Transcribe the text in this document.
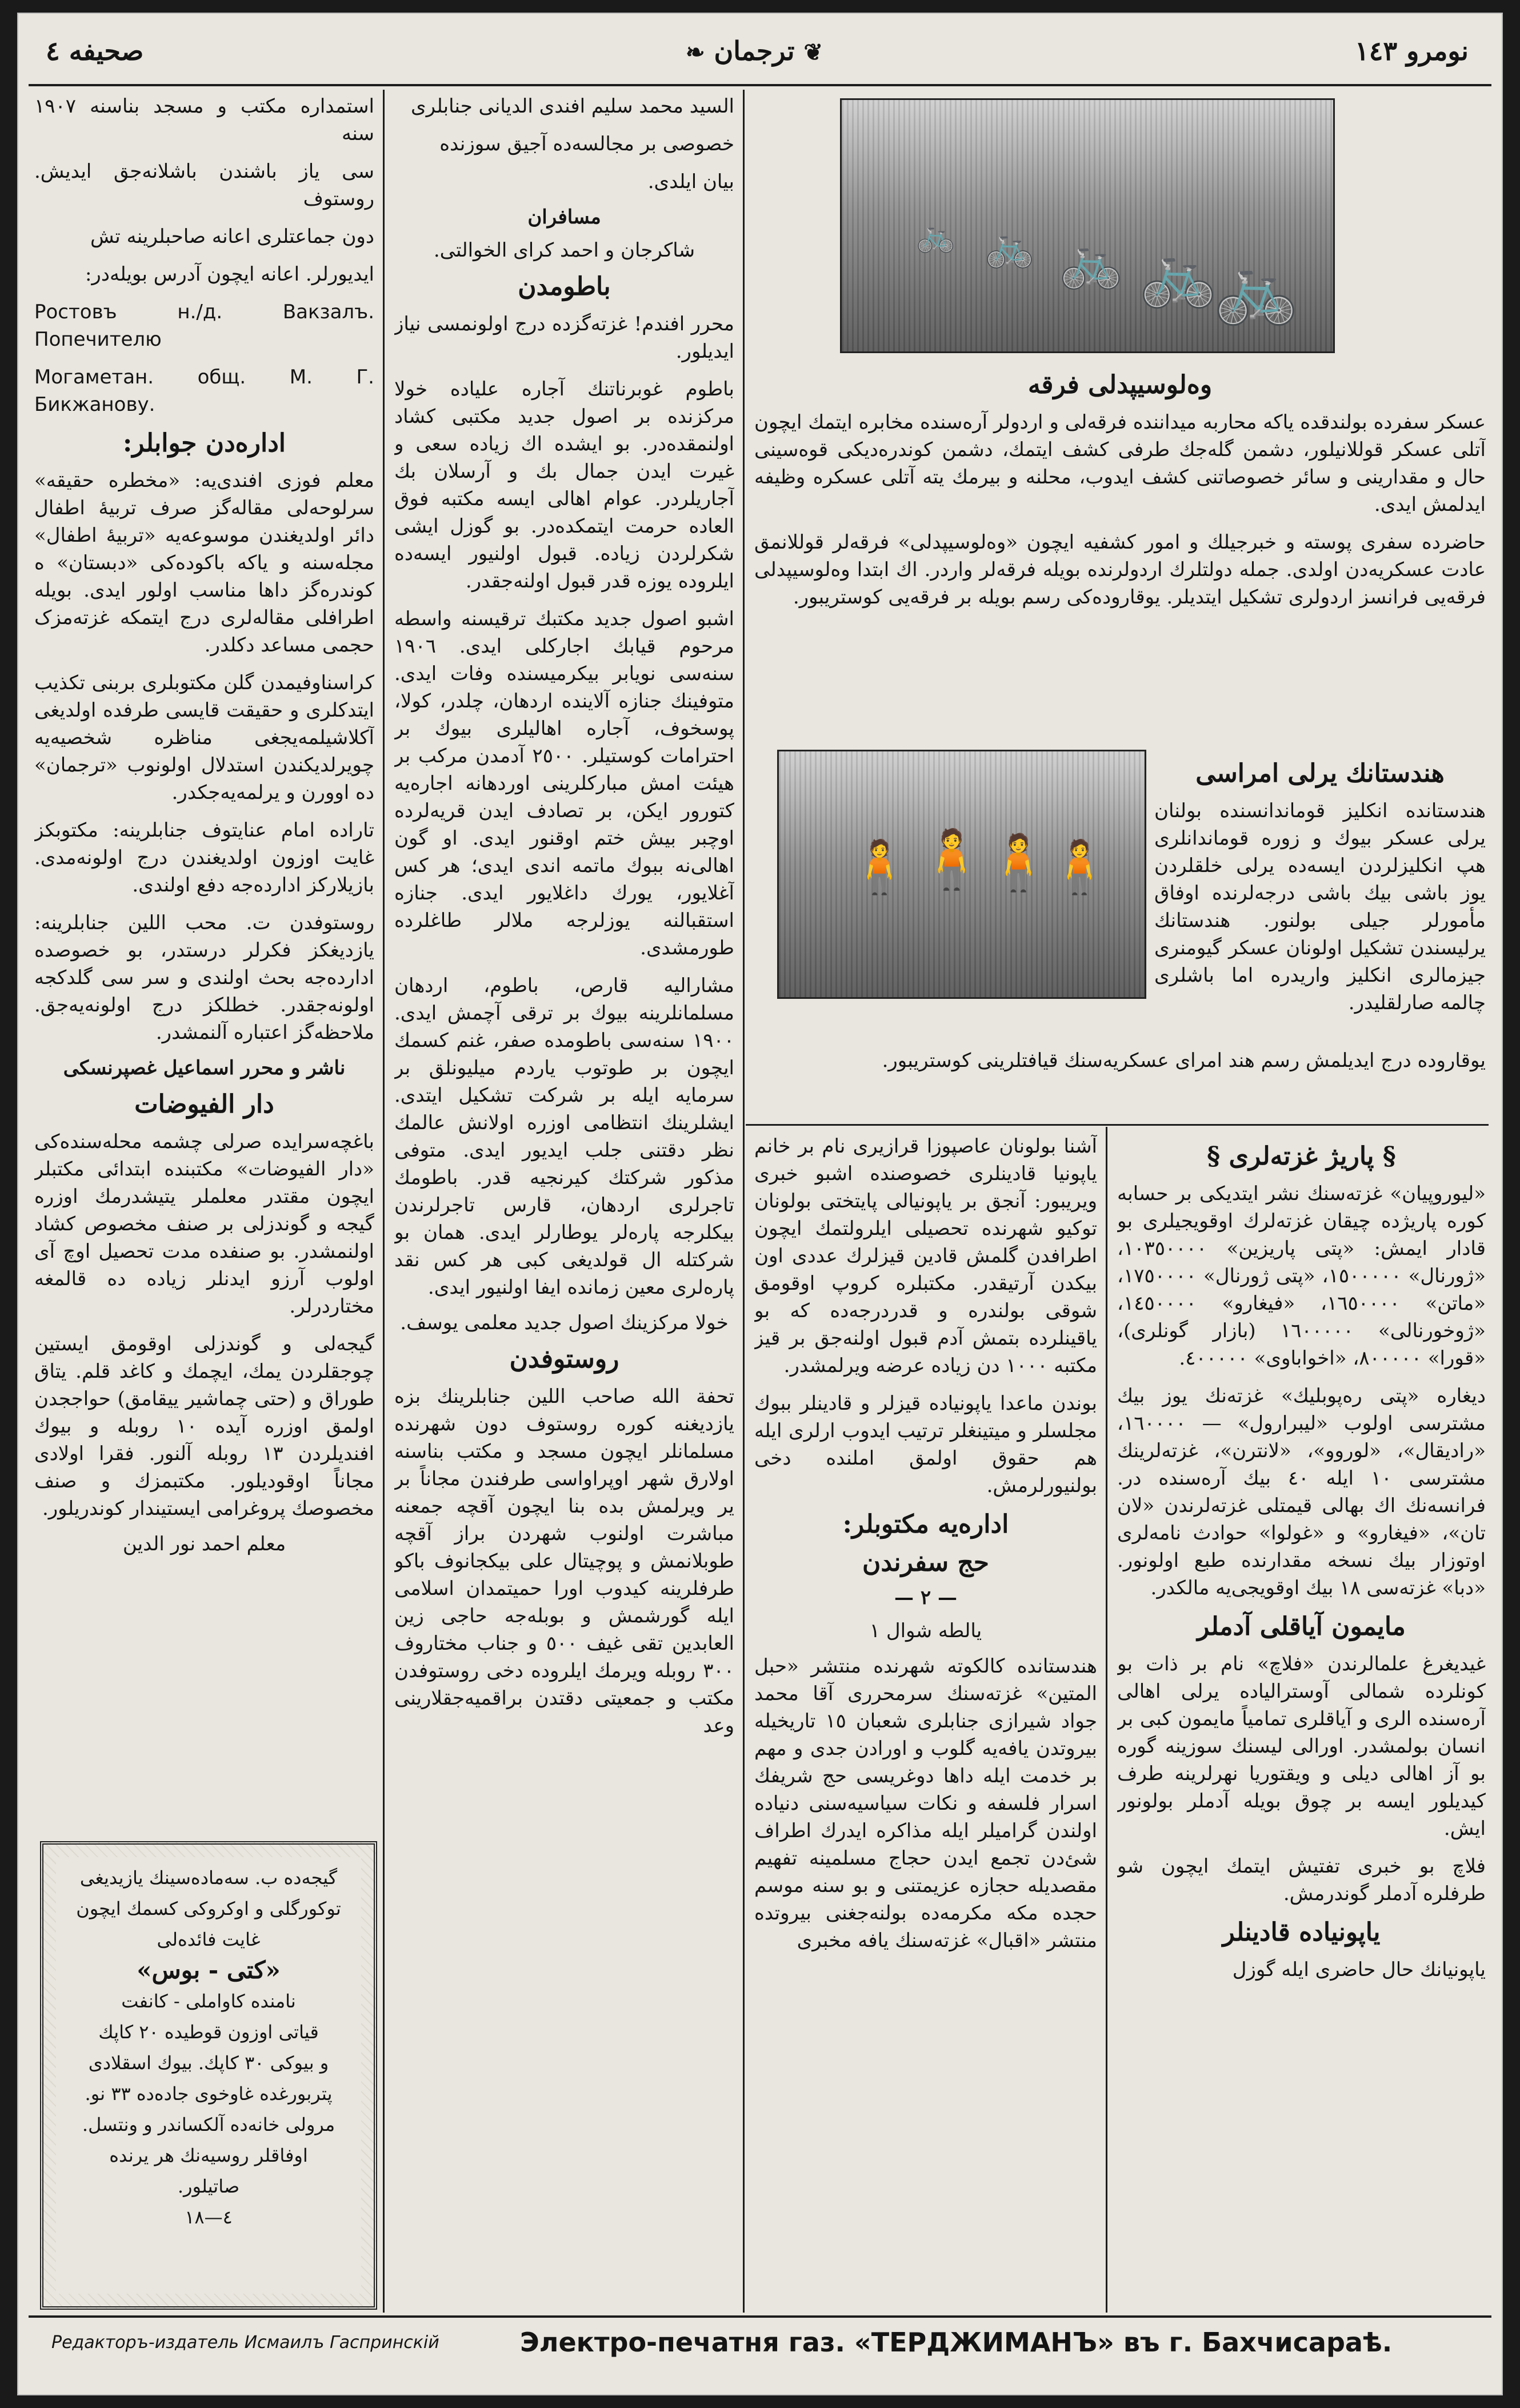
صحیفه ٤	❦ ترجمان ❧	نومرو ١٤٣

استمداره مکتب و مسجد بناسنه ١٩٠٧ سنه

سی یاز باشندن باشلانه‌جق ایدیش. روستوف

دون جماعتلری اعانه صاحبلرینه تش

ایدیورلر. اعانه ایچون آدرس بویله‌در:

Ростовъ н./д. Вакзалъ. Попечителю

Могаметан. общ. М. Г. Бикжанову.

اداره‌دن جوابلر:

معلم فوزی افندی‌یه: «مخطره حقیقه» سرلوحه‌لی مقاله‌گز صرف تربیهٔ اطفال دائر اولدیغندن موسوعه‌یه «تربیهٔ اطفال» مجله‌سنه و یاکه باکوده‌کی «دبستان» ه کوندره‌گز داها مناسب اولور ایدی. بویله اطرافلی مقاله‌لری درج ایتمکه غزته‌مزک حجمی مساعد دکلدر.

کراسناوفیمدن گلن مکتوبلری بربنی تکذیب ایتدکلری و حقیقت قایسی طرفده اولدیغی آکلاشیلمه‌یجغی مناظره شخصیه‌یه چویرلدیکندن استدلال اولونوب «ترجمان» ده اوورن و یرلمه‌یه‌جکدر.

تاراده امام عنایتوف جنابلرینه: مکتوبکز غایت اوزون اولدیغندن درج اولونه‌مدی. بازیلارکز ادارده‌جه دفع اولندی.

روستوفدن ت. محب اللین جنابلرینه: یازدیغکز فکرلر درستدر، بو خصوصده ادارده‌جه بحث اولندی و سر سی گلدکجه اولونه‌جقدر. خطلکز درج اولونه‌یه‌جق. ملاحظه‌گز اعتباره آلنمشدر.

ناشر و محرر اسماعیل غصپرنسکی
دار الفیوضات

باغچه‌سرایده صرلی چشمه محله‌سنده‌کی «دار الفیوضات» مکتبنده ابتدائی مکتبلر ایچون مقتدر معلملر یتیشدرمك اوزره گیجه و گوندزلی بر صنف مخصوص کشاد اولنمشدر. بو صنفده مدت تحصیل اوچ آی اولوب آرزو ایدنلر زیاده ده قالمغه مختاردرلر.

گیجه‌لی و گوندزلی اوقومق ایستین چوجقلردن یمك، ایچمك و کاغد قلم. یتاق طوراق و (حتی چماشیر ییقامق) حواججدن اولمق اوزره آیده ١٠ روبله و بیوك افندیلردن ١٣ روبله آلنور. فقرا اولادی مجاناً اوقودیلور. مکتبمزك و صنف مخصوصك پروغرامی ایستیندار کوندریلور.

معلم احمد نور الدین

گیجه‌ده ب. سه‌ماده‌سینك یازیدیغی

توکورگلی و اوکروکی کسمك ایچون

غایت فائده‌لی

«کتی - بوس»

نامنده کاواملی - کانفت

قیاتی اوزون قوطیده ٢٠ کاپك

و بیوکی ٣٠ کاپك. بیوك اسقلادی

پتربورغده غاوخوی جاده‌ده ٣٣ نو.

مرولی خانه‌ده آلکساندر و ونتسل.

اوفاقلر روسیه‌نك هر یرنده

صاتیلور.

٤—١٨

السید محمد سلیم افندی الدیانی جنابلری

خصوصی بر مجالسه‌ده آجیق سوزنده

بیان ایلدی.

مسافران
شاکرجان و احمد کرای الخوالتی.
باطومدن

محرر افندم! غزته‌گزده درج اولونمسی نیاز ایدیلور.

باطوم غوبرناتنك آجاره علیاده خولا مرکزنده بر اصول جدید مکتبی کشاد اولنمقده‌در. بو ایشده اك زیاده سعی و غیرت ایدن جمال بك و آرسلان بك آجاریلردر. عوام اهالی ایسه مکتبه فوق العاده حرمت ایتمکده‌در. بو گوزل ایشی شکرلردن زیاده. قبول اولنیور ایسه‌ده ایلروده یوزه قدر قبول اولنه‌جقدر.

اشبو اصول جدید مکتبك ترقیسنه واسطه مرحوم قیابك اجارکلی ایدی. ١٩٠٦ سنه‌سی نویابر بیکرمیسنده وفات ایدی. متوفینك جنازه آلاینده اردهان، چلدر، کولا، پوسخوف، آجاره اهالیلری بیوك بر احترامات کوستیلر. ٢٥٠٠ آدمدن مرکب بر هیئت امش مبارکلرینی اوردهانه اجاره‌یه کتورور ایکن، بر تصادف ایدن قریه‌لرده اوچبر بیش ختم اوقنور ایدی. او گون اهالی‌نه ببوك ماتمه اندی ایدی؛ هر کس آغلایور، یورك داغلایور ایدی. جنازه استقبالنه یوزلرجه ملالر طاغلرده طورمشدی.

مشارالیه قارص، باطوم، اردهان مسلمانلرینه بیوك بر ترقی آچمش ایدی. ١٩٠٠ سنه‌سی باطومده صفر، غنم کسمك ایچون بر طوتوب یاردم میلیونلق بر سرمایه ایله بر شرکت تشکیل ایتدی. ایشلرینك انتظامی اوزره اولانش عالمك نظر دقتنی جلب ایدیور ایدی. متوفی مذکور شرکتك کیرنجیه قدر. باطومك تاجرلری اردهان، قارس تاجرلرندن بیکلرجه پارەلر یوطارلر ایدی. همان بو شرکتله ال قولدیغی کبی هر کس نقد پاره‌لری معین زمانده ایفا اولنیور ایدی.

خولا مرکزینك اصول جدید معلمی یوسف.
روستوفدن

تحفة الله صاحب اللین جنابلرینك بزه یازدیغنه کوره روستوف دون شهرنده مسلمانلر ایچون مسجد و مکتب بناسنه اولارق شهر اوپراواسی طرفندن مجاناً بر یر ویرلمش بده بنا ایچون آقچه جمعنه مباشرت اولنوب شهردن براز آقچه طوبلانمش و پوچیتال علی بیکجانوف باکو طرفلرینه کیدوب اورا حمیتمدان اسلامی ایله گورشمش و بوبله‌جه حاجی زین العابدین تقی غیف ٥٠٠ و جناب مختاروف ٣٠٠ روبله ویرمك ایلروده دخی روستوفدن مکتب و جمعیتی دقتدن براقمیه‌جقلارینی وعد

🚲
🚲
🚲
🚲
🚲
وەلوسیپدلی فرقه

عسکر سفرده بولندقده یاکه محاربه میداننده فرقه‌لی و اردولر آره‌سنده مخابره ایتمك ایچون آتلی عسکر قوللانیلور، دشمن گلەجك طرفی کشف ایتمك، دشمن کوندره‌دیکی قوه‌سینی حال و مقدارینی و سائر خصوصاتنی کشف ایدوب، محلنه و بیرمك یته آتلی عسکره وظیفه ایدلمش ایدی.

حاضرده سفری پوسته و خبرجیلك و امور کشفیه ایچون «وەلوسیپدلی» فرقه‌لر قوللانمق عادت عسکریه‌دن اولدی. جمله دولتلرك اردولرنده بویله فرقه‌لر واردر. اك ابتدا وەلوسیپدلی فرقه‌یی فرانسز اردولری تشکیل ایتدیلر. یوقاروده‌کی رسم بویله بر فرقه‌یی کوستریبور.

🧍 🧍
🧍
🧍
هندستانك یرلی امراسی

هندستانده انکلیز قوماندانسنده بولنان یرلی عسکر بیوك و زوره قوماندانلری هپ انکلیزلردن ایسه‌ده یرلی خلقلردن یوز باشی بیك باشی درجه‌لرنده اوفاق مأمورلر جیلی بولنور. هندستانك یرلیسندن تشکیل اولونان عسکر گیومنری جیزمالری انکلیز واریدرە اما باشلری چالمه صارلقلیدر.

یوقاروده درج ایدیلمش رسم هند امرای عسکریه‌سنك قیافتلرینی کوستریبور.

آشنا بولونان عاصپوزا قرازیری نام بر خانم یاپونیا قادینلری خصوصنده اشبو خبری ویریبور: آنجق بر یاپونیالی پایتختی بولونان توکیو شهرنده تحصیلی ایلرولتمك ایچون اطرافدن گلمش قادین قیزلرك عددی اون بیکدن آرتیقدر. مکتبلره کروپ اوقومق شوقی بولندره و قدردرجه‌ده که بو یاقینلرده بتمش آدم قبول اولنه‌جق بر قیز مکتبه ١٠٠٠ دن زیاده عرضه ویرلمشدر.

بوندن ماعدا یاپونیاده قیزلر و قادینلر ببوك مجلسلر و میتینغلر ترتیب ایدوب ارلری ایله هم حقوق اولمق املنده دخی بولنیورلرمش.

اداره‌یه مکتوبلر:
حج سفرندن
— ٢ —
یالطه شوال ١

هندستانده کالکوته شهرنده منتشر «حبل المتین» غزته‌سنك سرمحرری آقا محمد جواد شیرازی جنابلری شعبان ١٥ تاریخیله بیروتدن یافه‌یه گلوب و اورادن جدی و مهم بر خدمت ایله داها دوغریسی حج شریفك اسرار فلسفه و نکات سیاسیه‌سنی دنیاده اولندن گرامیلر ایله مذاکره ایدرك اطراف شئ‌دن تجمع ایدن حجاج مسلمینه تفهیم مقصدیله حجازه عزیمتنی و بو سنه موسم حجده مکه مکرمه‌ده بولنه‌جغنی بیروتده منتشر «اقبال» غزته‌سنك یافه مخبری

§ پاریژ غزته‌لری §

«لیوروپیان» غزته‌سنك نشر ایتدیکی بر حسابه کوره پاریژده چیقان غزته‌لرك اوقویجیلری بو قادار ایمش: «پتی پاریزین» ١٠٣٥٠٠٠٠، «ژورنال» ١٥٠٠٠٠٠، «پتی ژورنال» ١٧٥٠٠٠٠، «ماتن» ١٦٥٠٠٠٠، «فیغارو» ١٤٥٠٠٠٠، «ژوخورنالی» ١٦٠٠٠٠٠ (بازار گونلری)، «قورا» ٨٠٠٠٠٠، «اخواباوی» ٤٠٠٠٠٠.

دیغاره «پتی ره‌پوبلیك» غزته‌نك یوز بیك مشترسی اولوب «لیبرارول» — ١٦٠٠٠٠، «رادیقال»، «لوروو»، «لانترن»، غزته‌لرینك مشترسی ١٠ ایله ٤٠ بیك آره‌سنده در. فرانسه‌نك اك بهالی قیمتلی غزته‌لرندن «لان تان»، «فیغارو» و «غولوا» حوادث نامه‌لری اوتوزار بیك نسخه مقدارنده طبع اولونور. «دبا» غزته‌سی ١٨ بیك اوقویجی‌یه مالکدر.

مایمون آیاقلی آدملر

غیدیغرغ علمالرندن «فلاچ» نام بر ذات بو کونلرده شمالی آوسترالیاده یرلی اهالی آره‌سنده الری و آیاقلری تمامیاً مایمون کبی بر انسان بولمشدر. اورالی لیسنك سوزینه گوره بو آز اهالی دیلی و ویقتوریا نهرلرینه طرف کیدیلور ایسه بر چوق بویله آدملر بولونور ایش.

فلاچ بو خبری تفتیش ایتمك ایچون شو طرفلره آدملر گوندرمش.

یاپونیاده قادینلر

یاپونیانك حال حاضری ایله گوزل

Редакторъ-издатель Исмаилъ Гаспринскій	Электро-печатня газ. «ТЕРДЖИМАНЪ» въ г. Бахчисараѣ.
